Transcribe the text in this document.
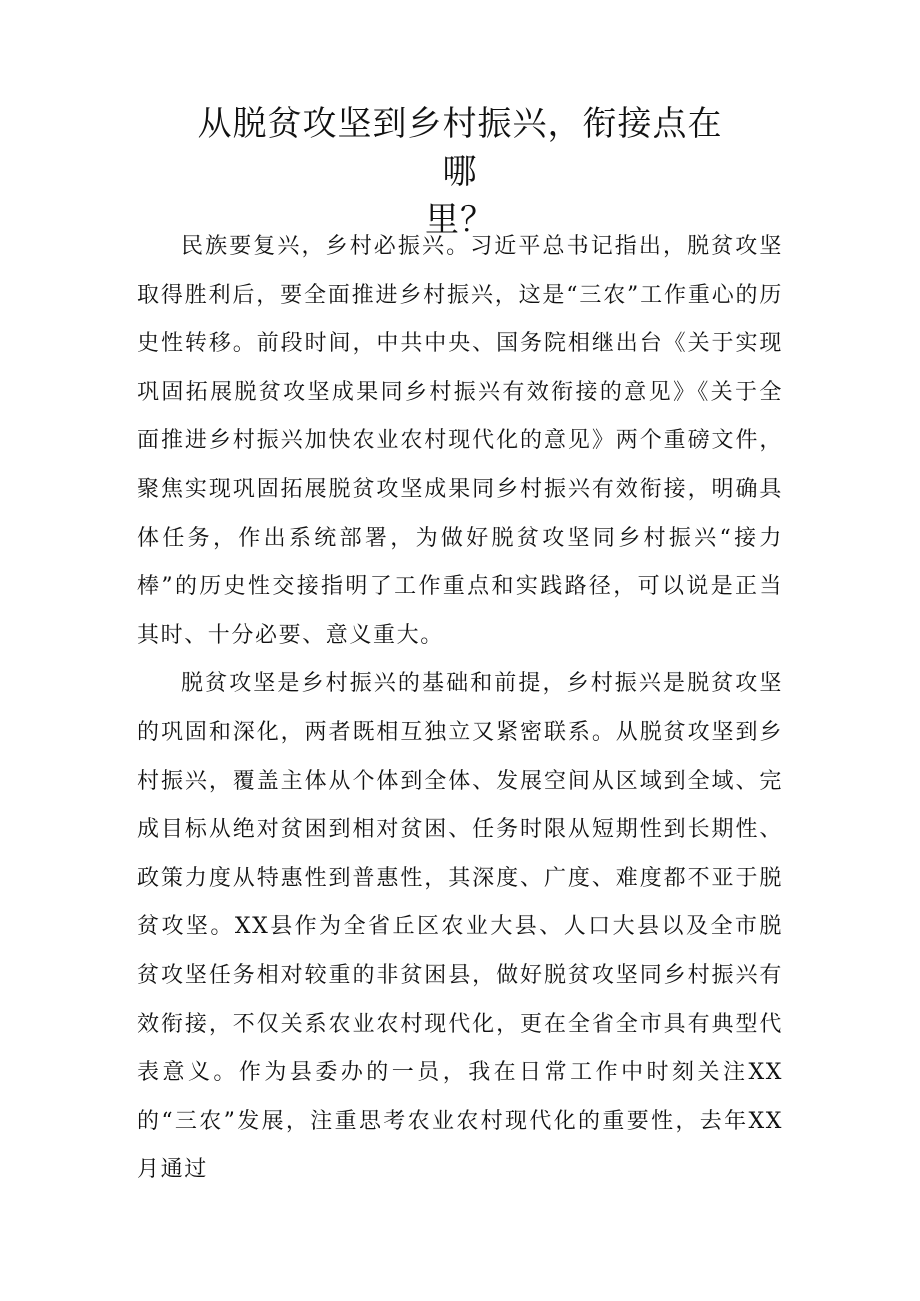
从脱贫攻坚到乡村振兴，衔接点在哪
里？

民族要复兴，乡村必振兴。习近平总书记指出，脱贫攻坚取得胜利后，要全面推进乡村振兴，这是“三农”工作重心的历史性转移。前段时间，中共中央、国务院相继出台《关于实现巩固拓展脱贫攻坚成果同乡村振兴有效衔接的意见》《关于全面推进乡村振兴加快农业农村现代化的意见》两个重磅文件，聚焦实现巩固拓展脱贫攻坚成果同乡村振兴有效衔接，明确具体任务，作出系统部署，为做好脱贫攻坚同乡村振兴“接力棒”的历史性交接指明了工作重点和实践路径，可以说是正当其时、十分必要、意义重大。

脱贫攻坚是乡村振兴的基础和前提，乡村振兴是脱贫攻坚的巩固和深化，两者既相互独立又紧密联系。从脱贫攻坚到乡村振兴，覆盖主体从个体到全体、发展空间从区域到全域、完成目标从绝对贫困到相对贫困、任务时限从短期性到长期性、政策力度从特惠性到普惠性，其深度、广度、难度都不亚于脱贫攻坚。XX县作为全省丘区农业大县、人口大县以及全市脱贫攻坚任务相对较重的非贫困县，做好脱贫攻坚同乡村振兴有效衔接，不仅关系农业农村现代化，更在全省全市具有典型代表意义。作为县委办的一员，我在日常工作中时刻关注XX的“三农”发展，注重思考农业农村现代化的重要性，去年XX月通过
